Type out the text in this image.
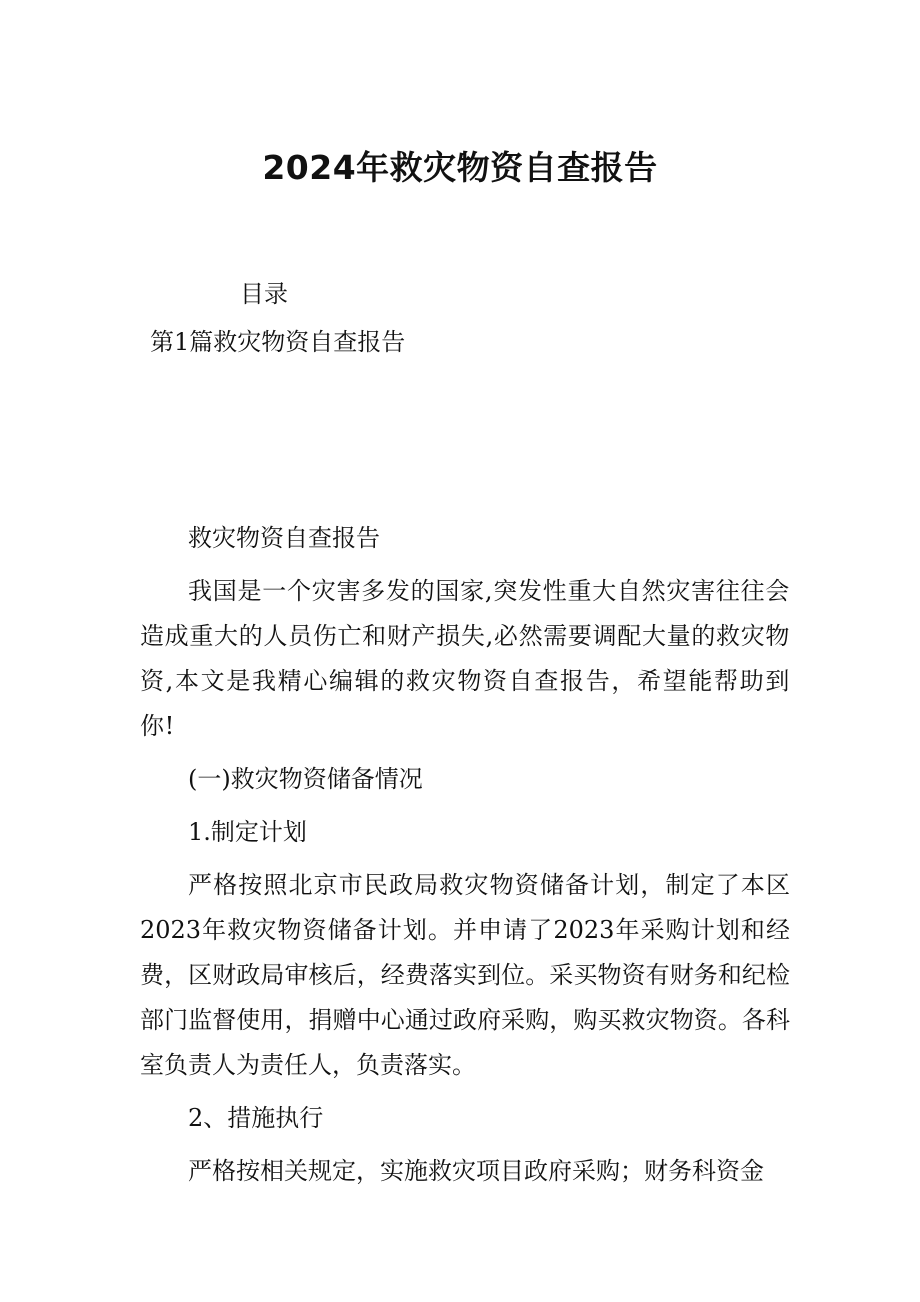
2024年救灾物资自查报告
目录
第1篇救灾物资自查报告

救灾物资自查报告

我国是一个灾害多发的国家,突发性重大自然灾害往往会造成重大的人员伤亡和财产损失,必然需要调配大量的救灾物资,本文是我精心编辑的救灾物资自查报告，希望能帮助到你!

(一)救灾物资储备情况

1.制定计划

严格按照北京市民政局救灾物资储备计划，制定了本区2023年救灾物资储备计划。并申请了2023年采购计划和经费，区财政局审核后，经费落实到位。采买物资有财务和纪检部门监督使用，捐赠中心通过政府采购，购买救灾物资。各科室负责人为责任人，负责落实。

2、措施执行

严格按相关规定，实施救灾项目政府采购；财务科资金
